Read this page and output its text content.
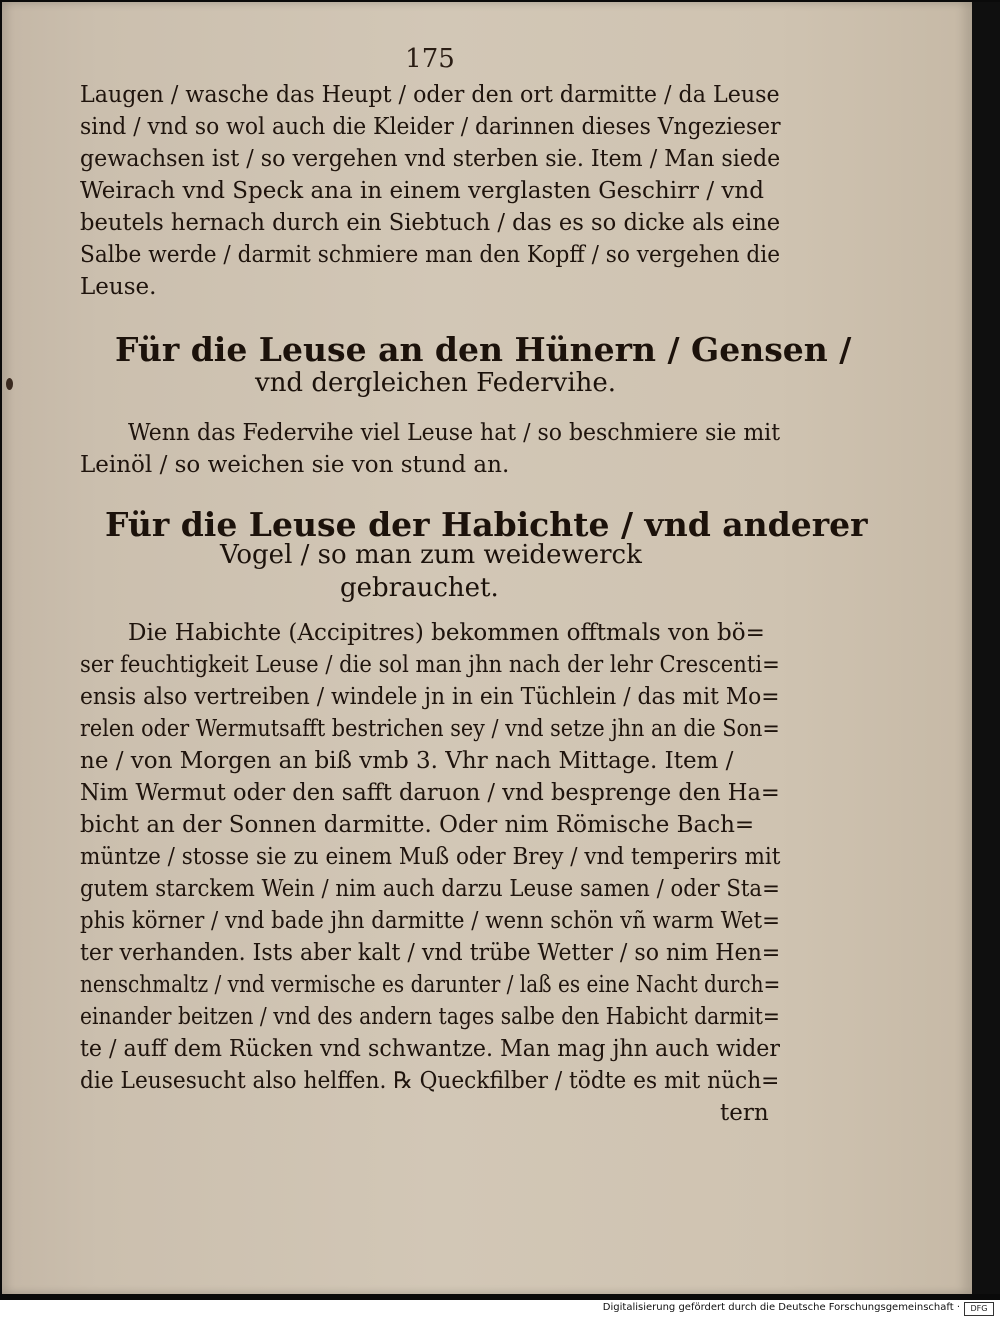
175
Laugen / wasche das Heupt / oder den ort darmitte / da Leuse
sind / vnd so wol auch die Kleider / darinnen dieses Vngezieser
gewachsen ist / so vergehen vnd sterben sie. Item / Man siede
Weirach vnd Speck ana in einem verglasten Geschirr / vnd
beutels hernach durch ein Siebtuch / das es so dicke als eine
Salbe werde / darmit schmiere man den Kopff / so vergehen die
Leuse.
Für die Leuse an den Hünern / Gensen /
vnd dergleichen Federvihe.
Wenn das Federvihe viel Leuse hat / so beschmiere sie mit
Leinöl / so weichen sie von stund an.
Für die Leuse der Habichte / vnd anderer
Vogel / so man zum weidewerck
gebrauchet.
Die Habichte (Accipitres) bekommen offtmals von bö=
ser feuchtigkeit Leuse / die sol man jhn nach der lehr Crescenti=
ensis also vertreiben / windele jn in ein Tüchlein / das mit Mo=
relen oder Wermutsafft bestrichen sey / vnd setze jhn an die Son=
ne / von Morgen an biß vmb 3. Vhr nach Mittage. Item /
Nim Wermut oder den safft daruon / vnd besprenge den Ha=
bicht an der Sonnen darmitte. Oder nim Römische Bach=
müntze / stosse sie zu einem Muß oder Brey / vnd temperirs mit
gutem starckem Wein / nim auch darzu Leuse samen / oder Sta=
phis körner / vnd bade jhn darmitte / wenn schön vñ warm Wet=
ter verhanden. Ists aber kalt / vnd trübe Wetter / so nim Hen=
nenschmaltz / vnd vermische es darunter / laß es eine Nacht durch=
einander beitzen / vnd des andern tages salbe den Habicht darmit=
te / auff dem Rücken vnd schwantze. Man mag jhn auch wider
die Leusesucht also helffen. ℞ Queckfilber / tödte es mit nüch=
tern
Digitalisierung gefördert durch die Deutsche Forschungsgemeinschaft ·	DFG
